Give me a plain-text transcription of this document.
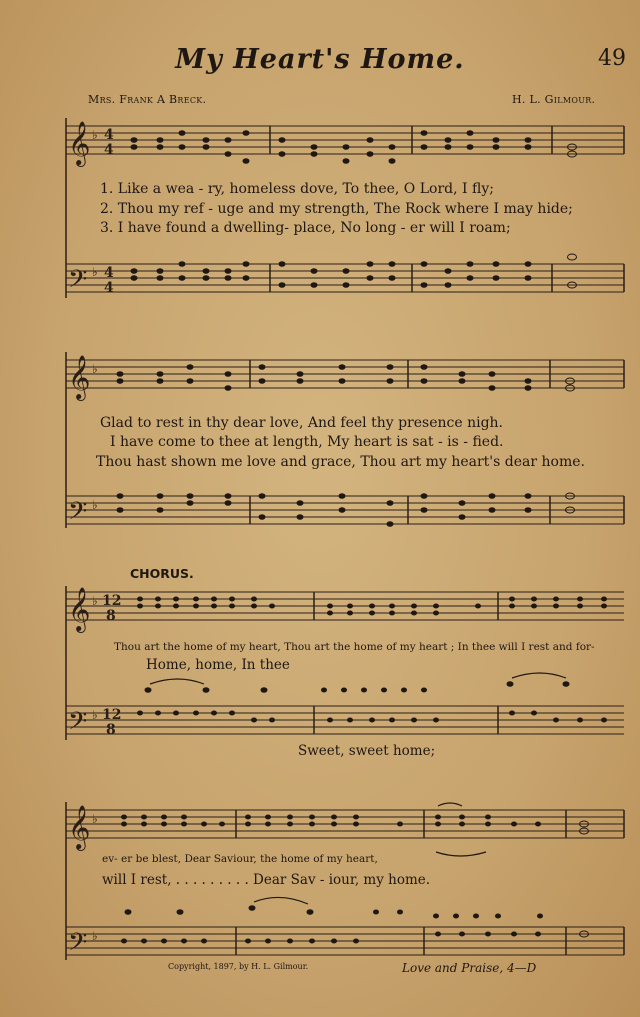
My Heart's Home.	49
Mrs. Frank A Breck.	H. L. Gilmour.
𝄞
𝄢
𝄞
𝄢
𝄞
𝄢
𝄞
𝄢
♭
♭
♭
♭
♭
♭
♭
♭
4
4
4
4
12
8
12
8
1. Like a wea - ry, homeless dove, To thee, O Lord, I fly;
2. Thou my ref - uge and my strength, The Rock where I may hide;
3. I have found a dwelling- place, No long - er will I roam;
Glad to rest in thy dear love, And feel thy presence nigh.
I have come to thee at length, My heart is sat - is - fied.
Thou hast shown me love and grace, Thou art my heart's dear home.
CHORUS.
Thou art the home of my heart, Thou art the home of my heart ; In thee will I rest and for-
Home, home, In thee
Sweet, sweet home;
ev- er be blest, Dear Saviour, the home of my heart,
will I rest, . . . . . . . . . Dear Sav - iour, my home.
Copyright, 1897, by H. L. Gilmour.	Love and Praise, 4—D
